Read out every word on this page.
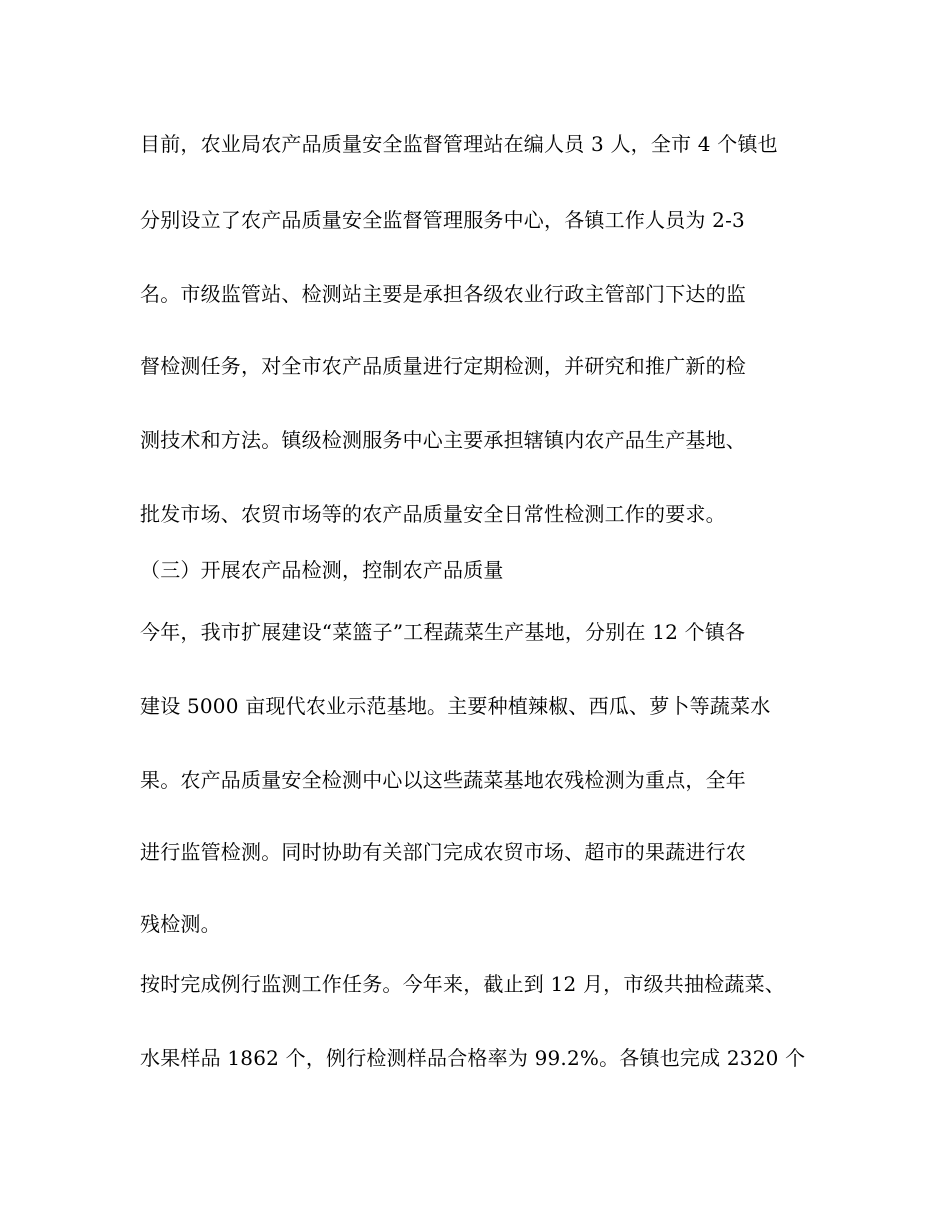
目前，农业局农产品质量安全监督管理站在编人员 3 人，全市 4 个镇也
分别设立了农产品质量安全监督管理服务中心，各镇工作人员为 2-3
名。市级监管站、检测站主要是承担各级农业行政主管部门下达的监
督检测任务，对全市农产品质量进行定期检测，并研究和推广新的检
测技术和方法。镇级检测服务中心主要承担辖镇内农产品生产基地、
批发市场、农贸市场等的农产品质量安全日常性检测工作的要求。
（三）开展农产品检测，控制农产品质量
今年，我市扩展建设“菜篮子”工程蔬菜生产基地，分别在 12 个镇各
建设 5000 亩现代农业示范基地。主要种植辣椒、西瓜、萝卜等蔬菜水
果。农产品质量安全检测中心以这些蔬菜基地农残检测为重点，全年
进行监管检测。同时协助有关部门完成农贸市场、超市的果蔬进行农
残检测。
按时完成例行监测工作任务。今年来，截止到 12 月，市级共抽检蔬菜、
水果样品 1862 个，例行检测样品合格率为 99.2%。各镇也完成 2320 个
